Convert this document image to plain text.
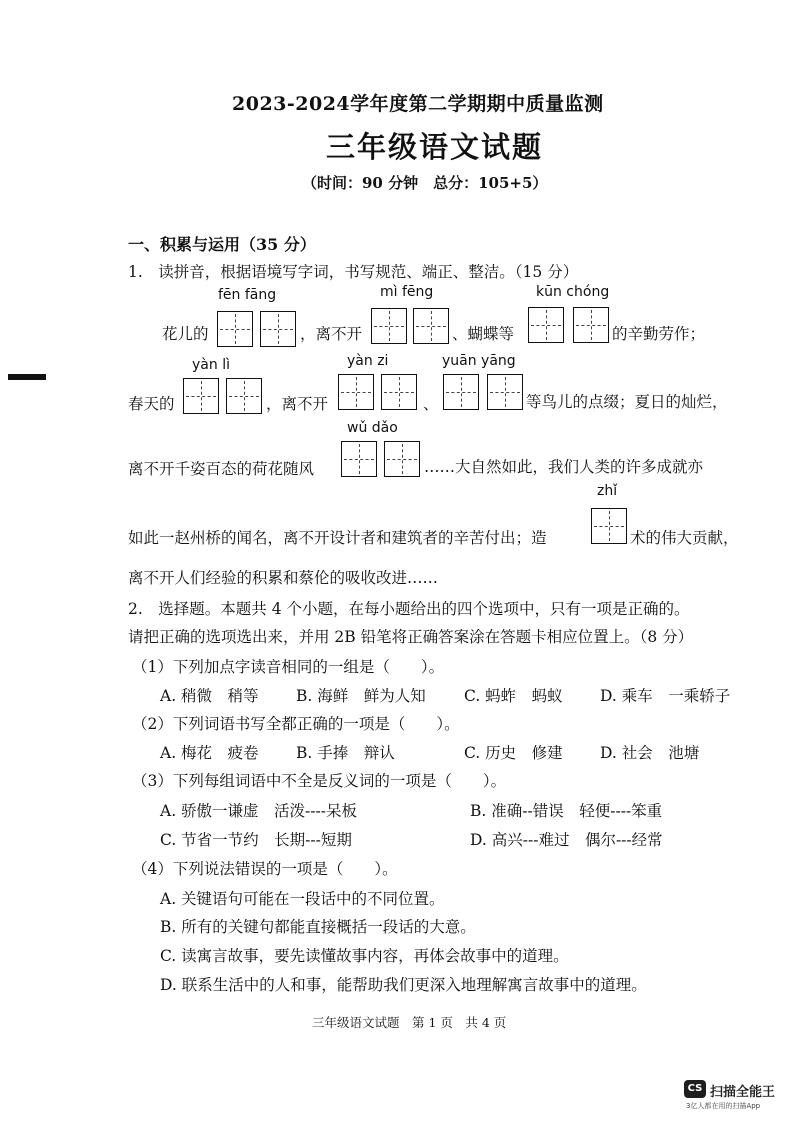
2023-2024学年度第二学期期中质量监测
三年级语文试题
（时间：90 分钟　总分：105+5）
一、积累与运用（35 分）
1.　读拼音，根据语境写字词，书写规范、端正、整洁。（15 分）
fēn fāng	mì fēng	kūn chóng
花儿的	，离不开	、蝴蝶等	的辛勤劳作；
yàn lì	yàn zi	yuān yāng
春天的	，离不开	、	等鸟儿的点缀；夏日的灿烂，
wǔ dǎo
离不开千姿百态的荷花随风	……大自然如此，我们人类的许多成就亦
zhǐ
如此一赵州桥的闻名，离不开设计者和建筑者的辛苦付出；造	术的伟大贡献，
离不开人们经验的积累和蔡伦的吸收改进……
2.　选择题。本题共 4 个小题，在每小题给出的四个选项中，只有一项是正确的。
请把正确的选项选出来，并用 2B 铅笔将正确答案涂在答题卡相应位置上。（8 分）
（1）下列加点字读音相同的一组是（　　）。
A. 稍微　稍等 B. 海鲜　鲜为人知 C. 蚂蚱　蚂蚁 D. 乘车　一乘轿子
（2）下列词语书写全都正确的一项是（　　）。
A. 梅花　疲卷 B. 手捧　辩认	C. 历史　修建 D. 社会　池塘
（3）下列每组词语中不全是反义词的一项是（　　）。
A. 骄傲一谦虚　活泼----呆板	B. 准确--错误　轻便----笨重
C. 节省一节约　长期---短期	D. 高兴---难过　偶尔---经常
（4）下列说法错误的一项是（　　）。
A. 关键语句可能在一段话中的不同位置。
B. 所有的关键句都能直接概括一段话的大意。
C. 读寓言故事，要先读懂故事内容，再体会故事中的道理。
D. 联系生活中的人和事，能帮助我们更深入地理解寓言故事中的道理。
三年级语文试题　第 1 页　共 4 页
CS 扫描全能王
3亿人都在用的扫描App
